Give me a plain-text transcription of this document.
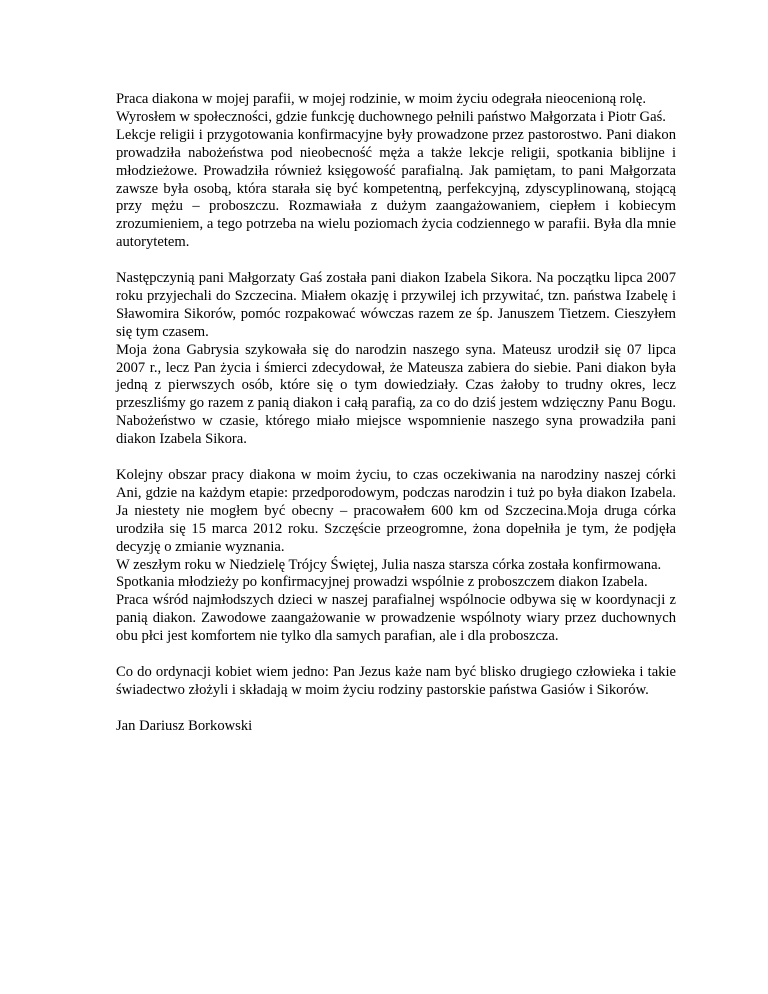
Praca diakona w mojej parafii, w mojej rodzinie, w moim życiu odegrała nieocenioną rolę.
Wyrosłem w społeczności, gdzie funkcję duchownego pełnili państwo Małgorzata i Piotr Gaś.
Lekcje religii i przygotowania konfirmacyjne były prowadzone przez pastorostwo. Pani diakon prowadziła nabożeństwa pod nieobecność męża a także lekcje religii, spotkania biblijne i młodzieżowe. Prowadziła również księgowość parafialną. Jak pamiętam, to pani Małgorzata zawsze była osobą, która starała się być kompetentną, perfekcyjną, zdyscyplinowaną, stojącą przy mężu – proboszczu. Rozmawiała z dużym zaangażowaniem, ciepłem i kobiecym zrozumieniem, a tego potrzeba na wielu poziomach życia codziennego w parafii. Była dla mnie autorytetem.

Następczynią pani Małgorzaty Gaś została pani diakon Izabela Sikora. Na początku lipca 2007 roku przyjechali do Szczecina. Miałem okazję i przywilej ich przywitać, tzn. państwa Izabelę i Sławomira Sikorów, pomóc rozpakować wówczas razem ze śp. Januszem Tietzem. Cieszyłem się tym czasem.
Moja żona Gabrysia szykowała się do narodzin naszego syna. Mateusz urodził się 07 lipca 2007 r., lecz Pan życia i śmierci zdecydował, że Mateusza zabiera do siebie. Pani diakon była jedną z pierwszych osób, które się o tym dowiedziały. Czas żałoby to trudny okres, lecz przeszliśmy go razem z panią diakon i całą parafią, za co do dziś jestem wdzięczny Panu Bogu. Nabożeństwo w czasie, którego miało miejsce wspomnienie naszego syna prowadziła pani diakon Izabela Sikora.

Kolejny obszar pracy diakona w moim życiu, to czas oczekiwania na narodziny naszej córki Ani, gdzie na każdym etapie: przedporodowym, podczas narodzin i tuż po była diakon Izabela. Ja niestety nie mogłem być obecny – pracowałem 600 km od Szczecina.Moja druga córka urodziła się 15 marca 2012 roku. Szczęście przeogromne, żona dopełniła je tym, że podjęła decyzję o zmianie wyznania.
W zeszłym roku w Niedzielę Trójcy Świętej, Julia nasza starsza córka została konfirmowana.
Spotkania młodzieży po konfirmacyjnej prowadzi wspólnie z proboszczem diakon Izabela.
Praca wśród najmłodszych dzieci w naszej parafialnej wspólnocie odbywa się w koordynacji z panią diakon. Zawodowe zaangażowanie w prowadzenie wspólnoty wiary przez duchownych obu płci jest komfortem nie tylko dla samych parafian, ale i dla proboszcza.

Co do ordynacji kobiet wiem jedno: Pan Jezus każe nam być blisko drugiego człowieka i takie świadectwo złożyli i składają w moim życiu rodziny pastorskie państwa Gasiów i Sikorów.

Jan Dariusz Borkowski
